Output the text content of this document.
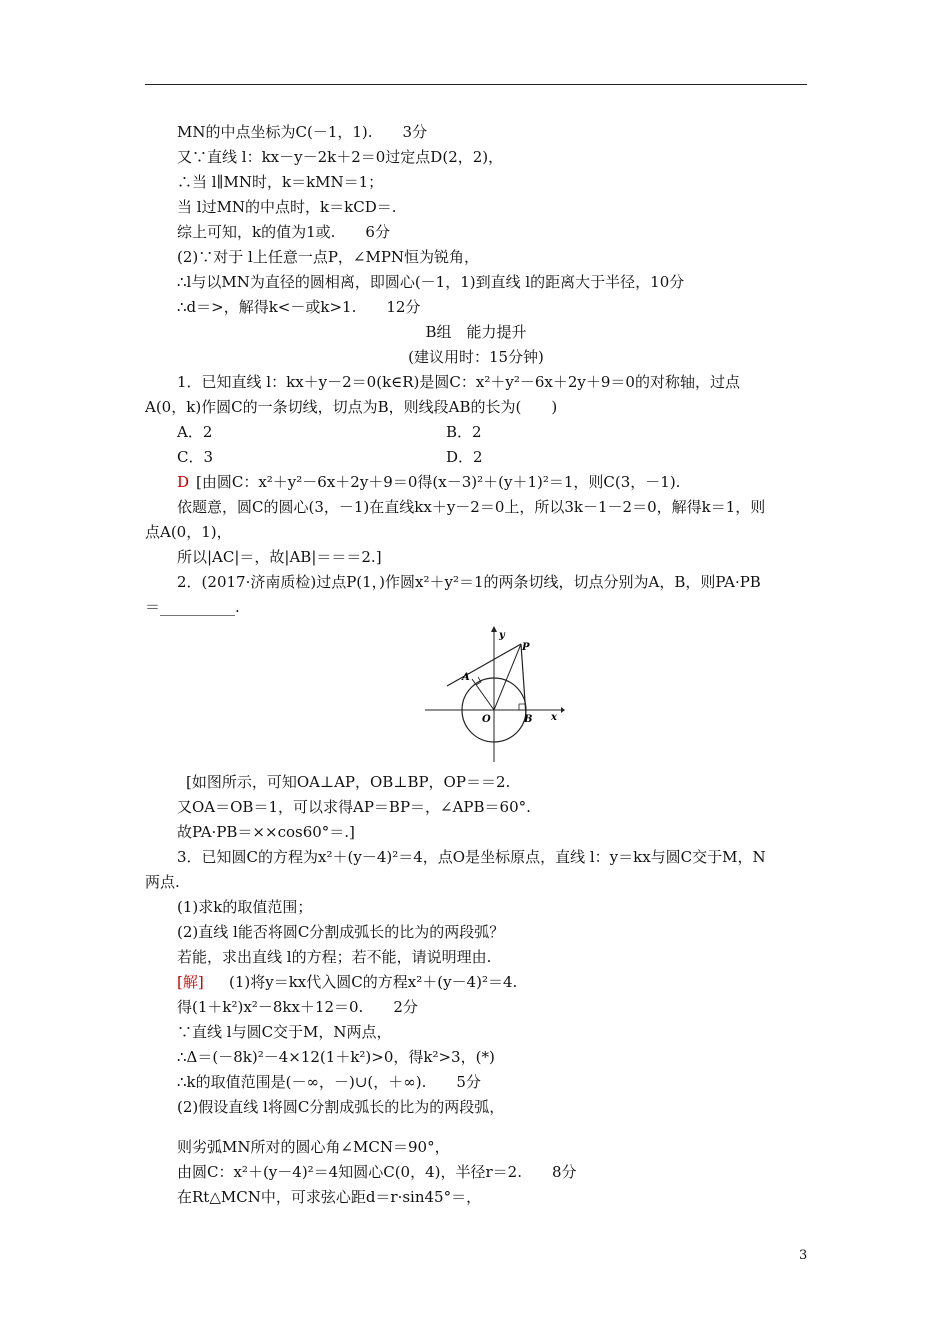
MN的中点坐标为C(－1，1).　　3分
又∵直线 l：kx－y－2k＋2＝0过定点D(2，2)，
∴当 l∥MN时，k＝kMN＝1；
当 l过MN的中点时，k＝kCD＝.
综上可知，k的值为1或.　　6分
(2)∵对于 l上任意一点P，∠MPN恒为锐角，
∴l与以MN为直径的圆相离，即圆心(－1，1)到直线 l的距离大于半径，10分
∴d＝>，解得k<－或k>1.　　12分
B组　能力提升
(建议用时：15分钟)
1．已知直线 l：kx＋y－2＝0(k∈R)是圆C：x²＋y²－6x＋2y＋9＝0的对称轴，过点
A(0，k)作圆C的一条切线，切点为B，则线段AB的长为(　　)
A．2	B．2
C．3	D．2
D [由圆C：x²＋y²－6x＋2y＋9＝0得(x－3)²＋(y＋1)²＝1，则C(3，－1).
依题意，圆C的圆心(3，－1)在直线kx＋y－2＝0上，所以3k－1－2＝0，解得k＝1，则
点A(0，1)，
所以|AC|＝，故|AB|＝＝＝2.]
2．(2017·济南质检)过点P(1，)作圆x²＋y²＝1的两条切线，切点分别为A，B，则PA·PB
＝__________.
y
x
P
A
O	B
[如图所示，可知OA⊥AP，OB⊥BP，OP＝＝2.
又OA＝OB＝1，可以求得AP＝BP＝，∠APB＝60°.
故PA·PB＝××cos60°＝.]
3．已知圆C的方程为x²＋(y－4)²＝4，点O是坐标原点，直线 l：y＝kx与圆C交于M，N
两点.
(1)求k的取值范围；
(2)直线 l能否将圆C分割成弧长的比为的两段弧？
若能，求出直线 l的方程；若不能，请说明理由.
[解] (1)将y＝kx代入圆C的方程x²＋(y－4)²＝4.
得(1＋k²)x²－8kx＋12＝0.　　2分
∵直线 l与圆C交于M，N两点，
∴Δ＝(－8k)²－4×12(1＋k²)>0，得k²>3，(*)
∴k的取值范围是(－∞，－)∪(，＋∞).　　5分
(2)假设直线 l将圆C分割成弧长的比为的两段弧，
则劣弧MN所对的圆心角∠MCN＝90°，
由圆C：x²＋(y－4)²＝4知圆心C(0，4)，半径r＝2.　　8分
在Rt△MCN中，可求弦心距d＝r·sin45°＝，
3
